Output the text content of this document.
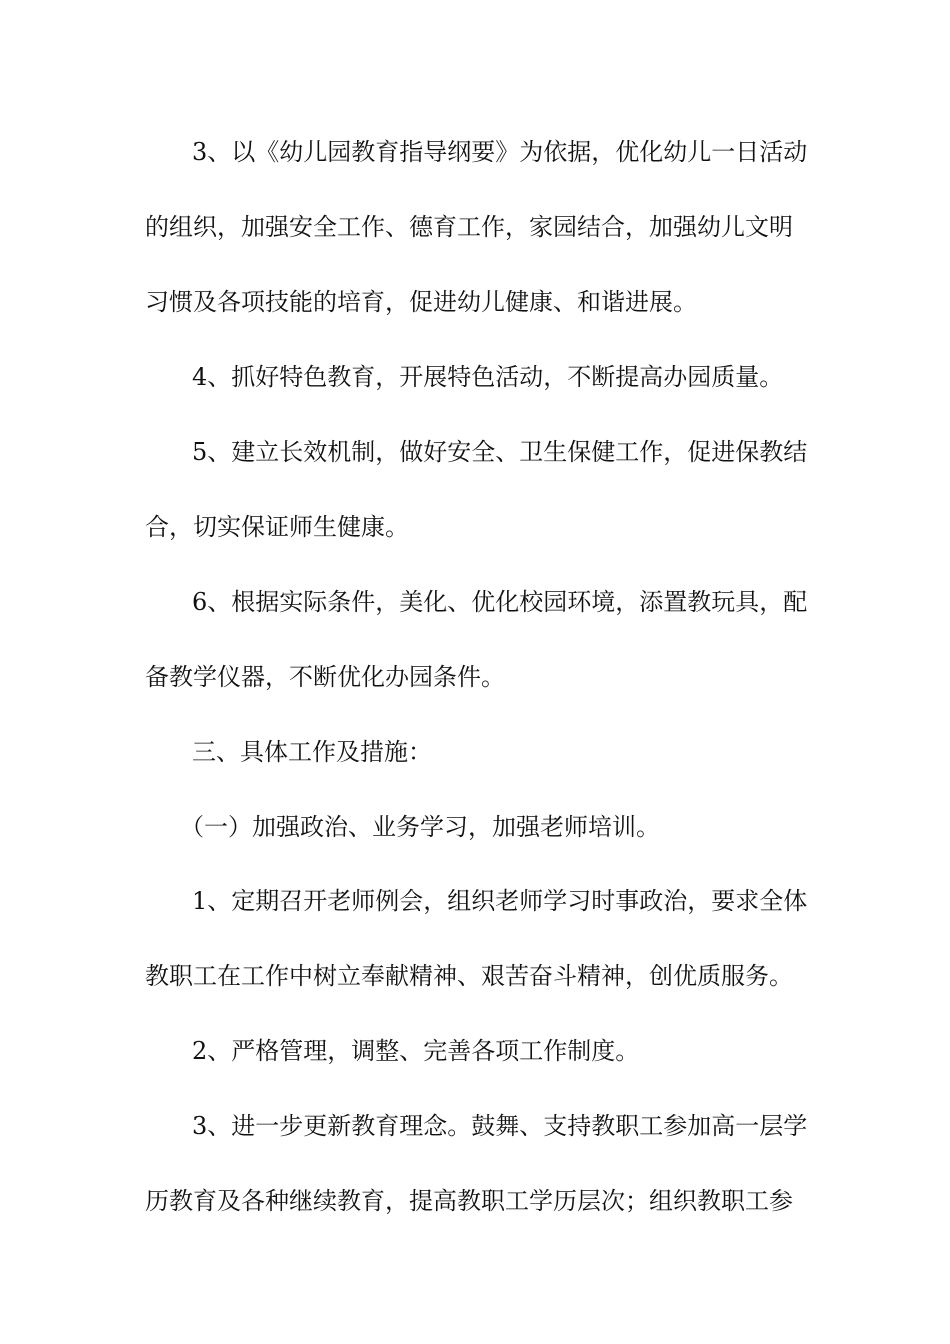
3、以《幼儿园教育指导纲要》为依据，优化幼儿一日活动
的组织，加强安全工作、德育工作，家园结合，加强幼儿文明
习惯及各项技能的培育，促进幼儿健康、和谐进展。
4、抓好特色教育，开展特色活动，不断提高办园质量。
5、建立长效机制，做好安全、卫生保健工作，促进保教结
合，切实保证师生健康。
6、根据实际条件，美化、优化校园环境，添置教玩具，配
备教学仪器，不断优化办园条件。
三、具体工作及措施：
（一）加强政治、业务学习，加强老师培训。
1、定期召开老师例会，组织老师学习时事政治，要求全体
教职工在工作中树立奉献精神、艰苦奋斗精神，创优质服务。
2、严格管理，调整、完善各项工作制度。
3、进一步更新教育理念。鼓舞、支持教职工参加高一层学
历教育及各种继续教育，提高教职工学历层次；组织教职工参
